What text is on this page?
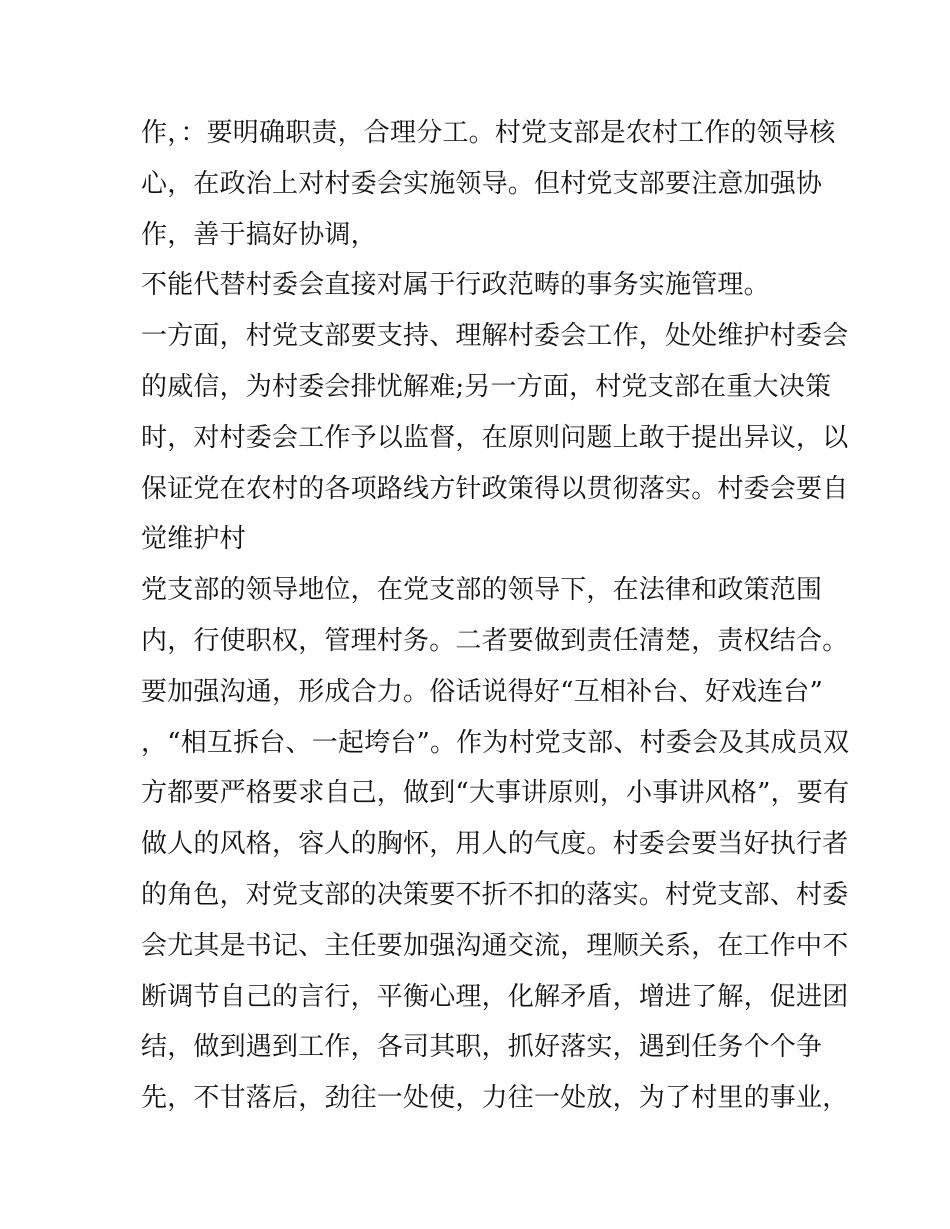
作，：要明确职责，合理分工。村党支部是农村工作的领导核
心，在政治上对村委会实施领导。但村党支部要注意加强协
作，善于搞好协调，
不能代替村委会直接对属于行政范畴的事务实施管理。
一方面，村党支部要支持、理解村委会工作，处处维护村委会
的威信，为村委会排忧解难;另一方面，村党支部在重大决策
时，对村委会工作予以监督，在原则问题上敢于提出异议，以
保证党在农村的各项路线方针政策得以贯彻落实。村委会要自
觉维护村
党支部的领导地位，在党支部的领导下，在法律和政策范围
内，行使职权，管理村务。二者要做到责任清楚，责权结合。
要加强沟通，形成合力。俗话说得好“互相补台、好戏连台”
，“相互拆台、一起垮台”。作为村党支部、村委会及其成员双
方都要严格要求自己，做到“大事讲原则，小事讲风格”，要有
做人的风格，容人的胸怀，用人的气度。村委会要当好执行者
的角色，对党支部的决策要不折不扣的落实。村党支部、村委
会尤其是书记、主任要加强沟通交流，理顺关系，在工作中不
断调节自己的言行，平衡心理，化解矛盾，增进了解，促进团
结，做到遇到工作，各司其职，抓好落实，遇到任务个个争
先，不甘落后，劲往一处使，力往一处放，为了村里的事业，
